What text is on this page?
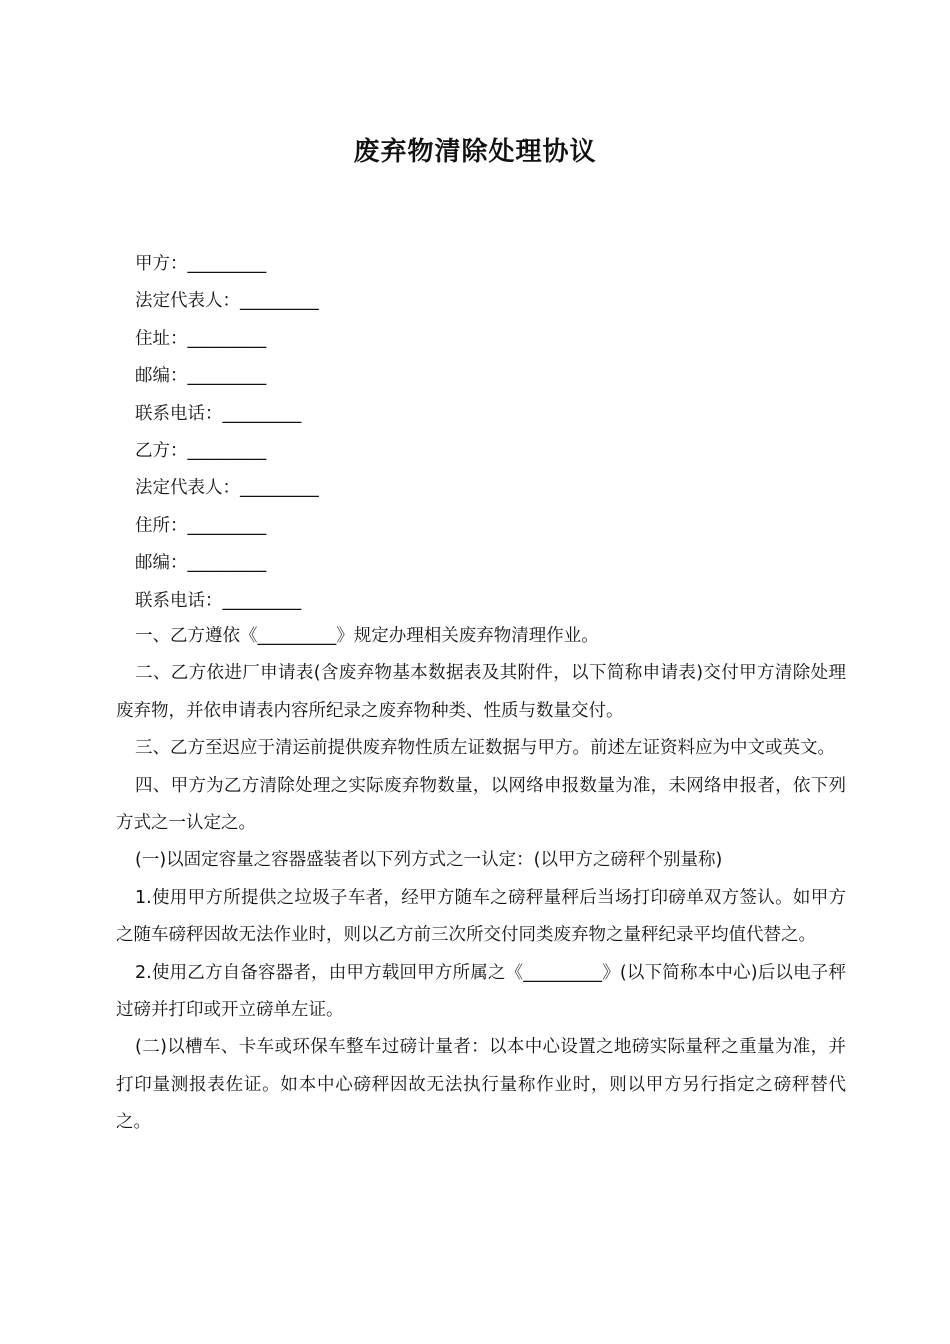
废弃物清除处理协议
甲方：_________
法定代表人：_________
住址：_________
邮编：_________
联系电话：_________
乙方：_________
法定代表人：_________
住所：_________
邮编：_________
联系电话：_________

一、乙方遵依《_________》规定办理相关废弃物清理作业。

二、乙方依进厂申请表(含废弃物基本数据表及其附件，以下简称申请表)交付甲方清除处理废弃物，并依申请表内容所纪录之废弃物种类、性质与数量交付。

三、乙方至迟应于清运前提供废弃物性质左证数据与甲方。前述左证资料应为中文或英文。

四、甲方为乙方清除处理之实际废弃物数量，以网络申报数量为准，未网络申报者，依下列方式之一认定之。

(一)以固定容量之容器盛装者以下列方式之一认定：(以甲方之磅秤个别量称)

1.使用甲方所提供之垃圾子车者，经甲方随车之磅秤量秤后当场打印磅单双方签认。如甲方之随车磅秤因故无法作业时，则以乙方前三次所交付同类废弃物之量秤纪录平均值代替之。

2.使用乙方自备容器者，由甲方载回甲方所属之《_________》(以下简称本中心)后以电子秤过磅并打印或开立磅单左证。

(二)以槽车、卡车或环保车整车过磅计量者：以本中心设置之地磅实际量秤之重量为准，并打印量测报表佐证。如本中心磅秤因故无法执行量称作业时，则以甲方另行指定之磅秤替代之。
